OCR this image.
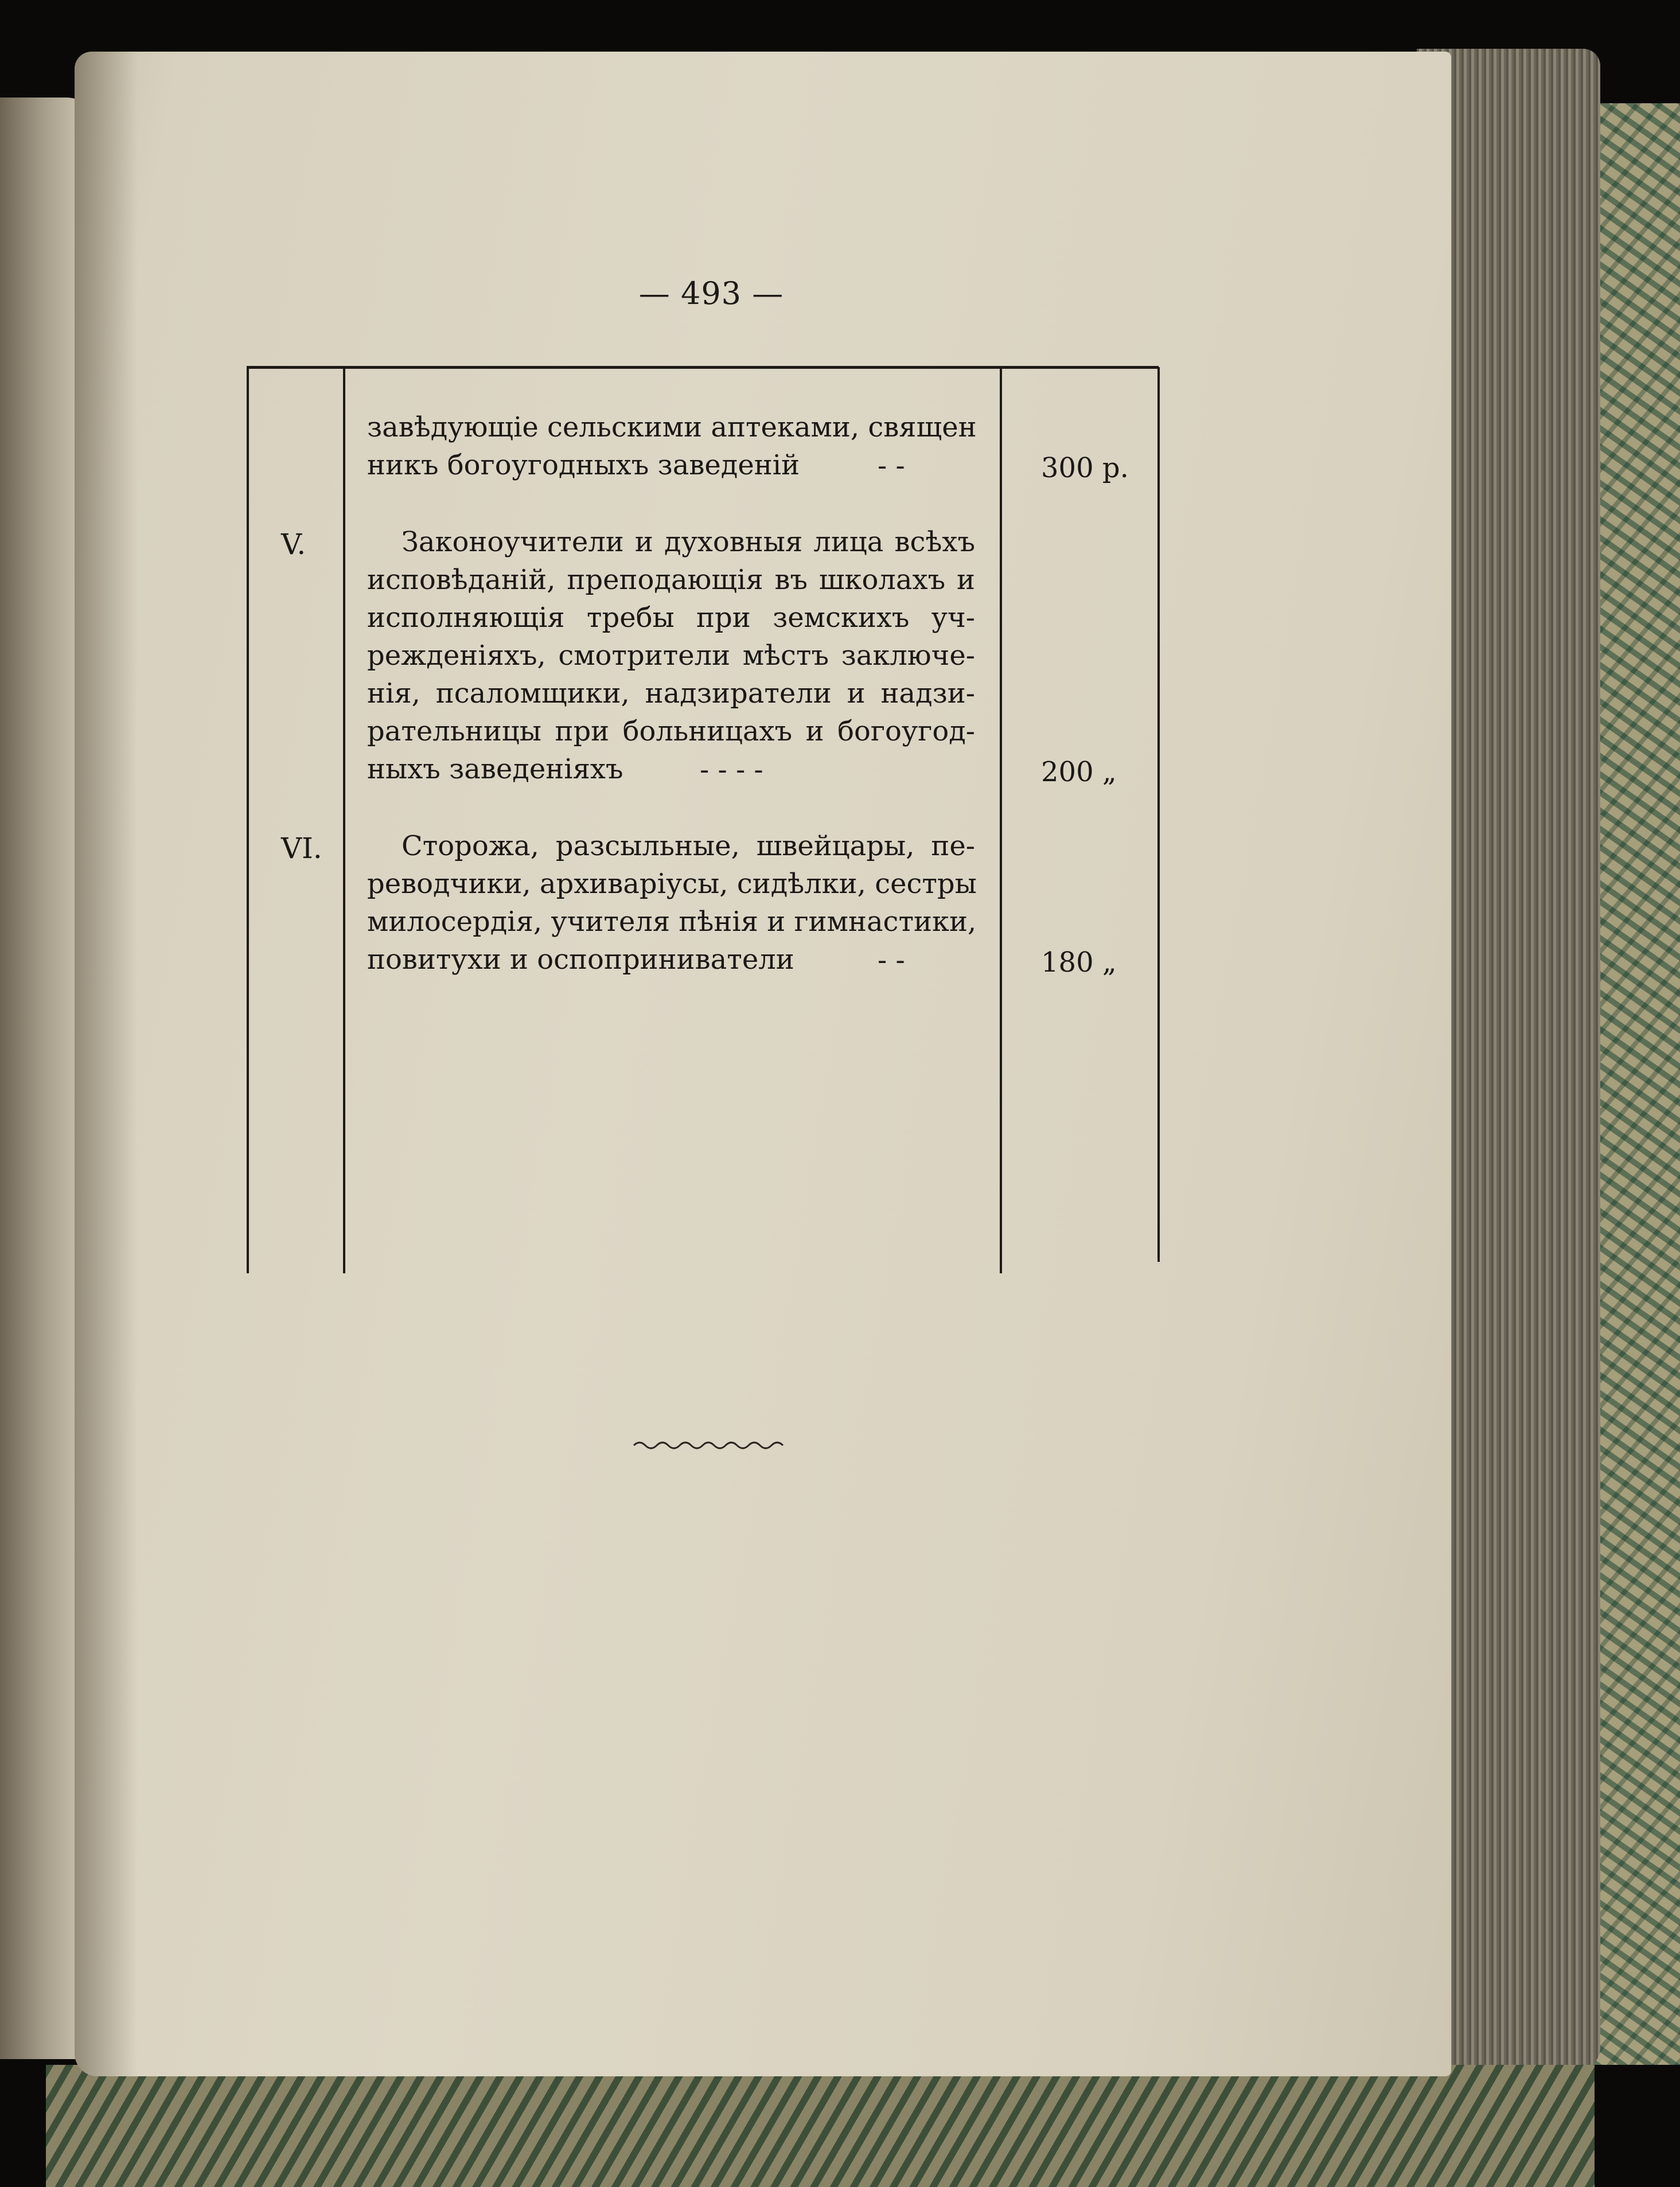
— 493 —
завѣдующіе сельскими аптеками, священ
никъ богоугодныхъ заведеній	- -	300 р.
V.	Законоучители и духовныя лица всѣхъ
исповѣданій, преподающія въ школахъ и
исполняющія требы при земскихъ уч-
режденіяхъ, смотрители мѣстъ заключе-
нія, псаломщики, надзиратели и надзи-
рательницы при больницахъ и богоугод-
ныхъ заведеніяхъ	- - - -	200 „
VI.	Сторожа, разсыльные, швейцары, пе-
реводчики, архиваріусы, сидѣлки, сестры
милосердія, учителя пѣнія и гимнастики,
повитухи и оспоприниватели	- -	180 „
